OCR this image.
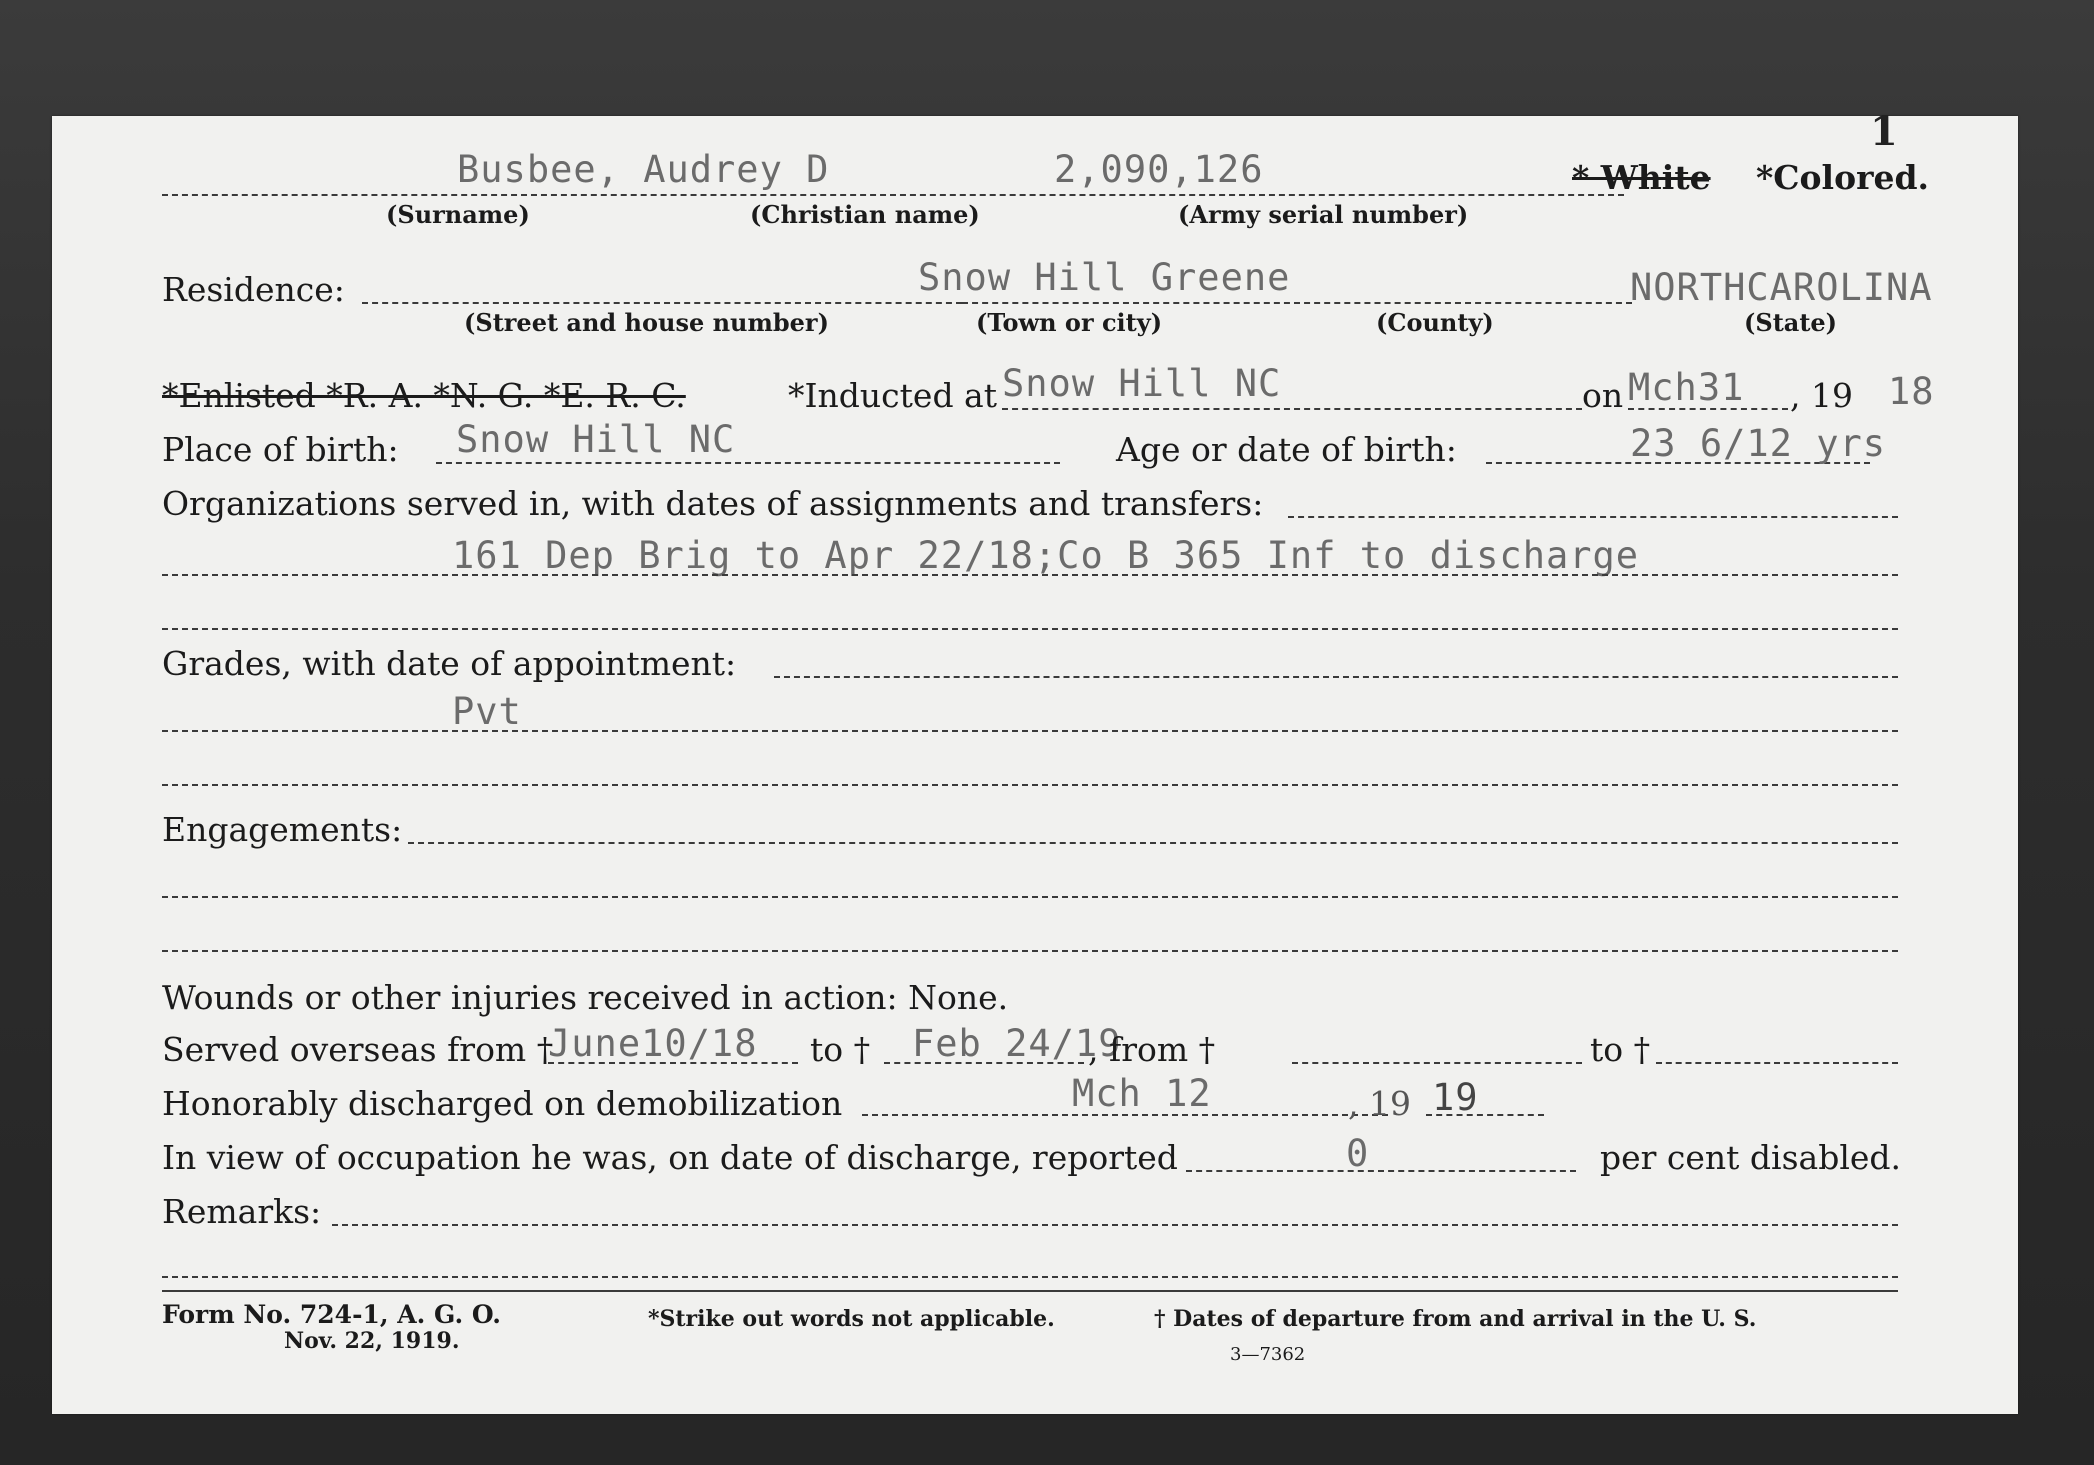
1
Busbee, Audrey D	2,090,126	* White *Colored.
(Surname)	(Christian name)	(Army serial number)
Residence:	Snow Hill Greene	NORTHCAROLINA
(Street and house number)	(Town or city)	(County)	(State)
*Enlisted *R. A. *N. G. *E. R. C.	*Inducted at Snow Hill NC	on Mch31 , 19 18
Place of birth: Snow Hill NC	Age or date of birth:	23 6/12 yrs
Organizations served in, with dates of assignments and transfers:
161 Dep Brig to Apr 22/18;Co B 365 Inf to discharge
Grades, with date of appointment:
Pvt
Engagements:
Wounds or other injuries received in action: None.
Served overseas from †
June10/18 to † Feb 24/19
, from †	to †
Honorably discharged on demobilization	Mch 12	, 19 19
In view of occupation he was, on date of discharge, reported	0	per cent disabled.
Remarks:
Form No. 724-1, A. G. O.
Nov. 22, 1919.
*Strike out words not applicable.	† Dates of departure from and arrival in the U. S.
3—7362
